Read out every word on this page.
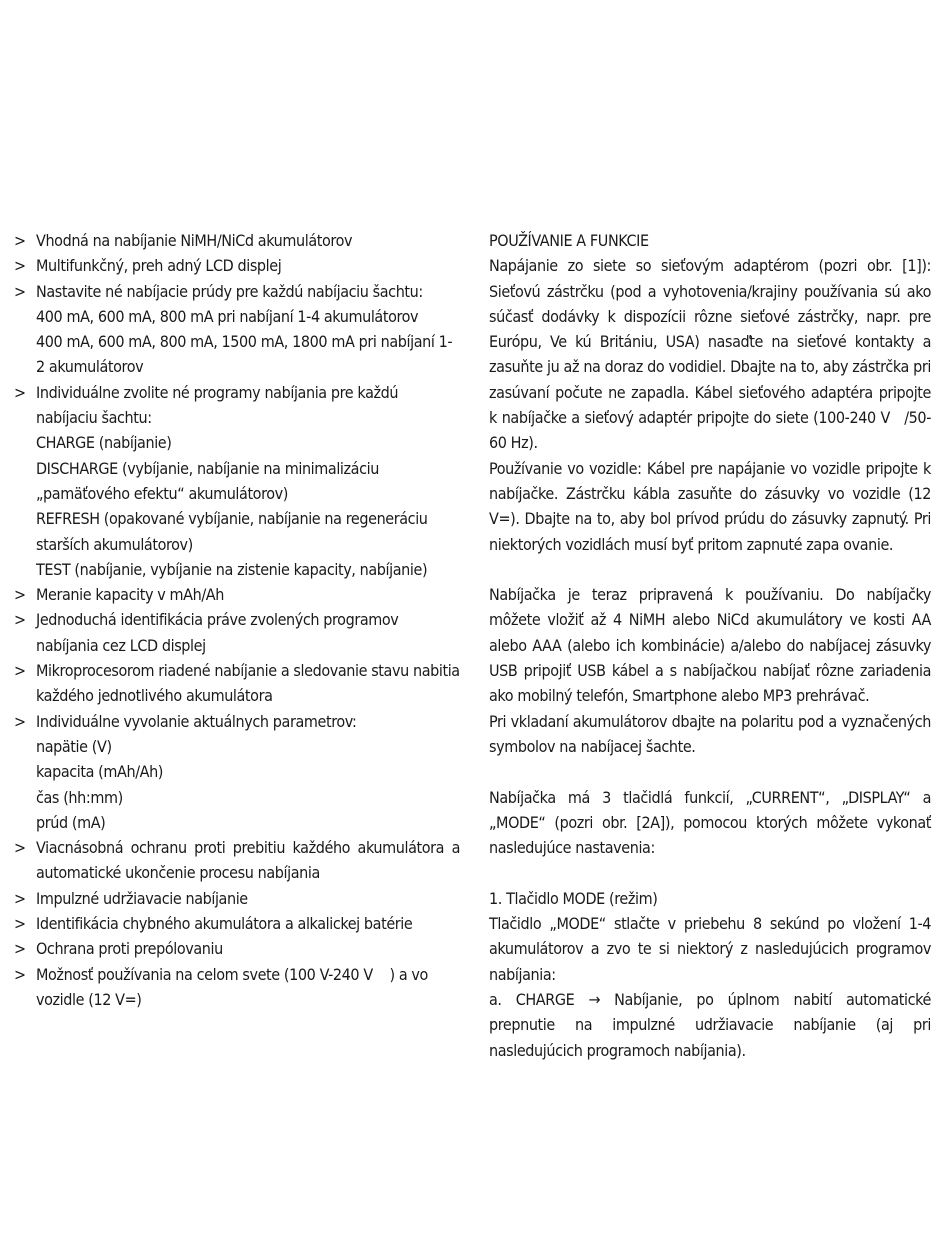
> Vhodná na nabíjanie NiMH/NiCd akumulátorov
> Multifunkčný, preh adný LCD displej
> Nastavite né nabíjacie prúdy pre každú nabíjaciu šachtu:
400 mA, 600 mA, 800 mA pri nabíjaní 1-4 akumulátorov
400 mA, 600 mA, 800 mA, 1500 mA, 1800 mA pri nabíjaní 1-2 akumulátorov
> Individuálne zvolite né programy nabíjania pre každú nabíjaciu šachtu:
CHARGE (nabíjanie)
DISCHARGE (vybíjanie, nabíjanie na minimalizáciu „pamäťového efektu“ akumulátorov)
REFRESH (opakované vybíjanie, nabíjanie na regeneráciu starších akumulátorov)
TEST (nabíjanie, vybíjanie na zistenie kapacity, nabíjanie)
> Meranie kapacity v mAh/Ah
> Jednoduchá identifikácia práve zvolených programov nabíjania cez LCD displej
> Mikroprocesorom riadené nabíjanie a sledovanie stavu nabitia každého jednotlivého akumulátora
> Individuálne vyvolanie aktuálnych parametrov:
napätie (V)
kapacita (mAh/Ah)
čas (hh:mm)
prúd (mA)
> Viacnásobná ochranu proti prebitiu každého akumulátora a automatické ukončenie procesu nabíjania
> Impulzné udržiavacie nabíjanie
> Identifikácia chybného akumulátora a alkalickej batérie
> Ochrana proti prepólovaniu
> Možnosť používania na celom svete (100 V-240 V    ) a vo vozidle (12 V=)
POUŽÍVANIE A FUNKCIE
Napájanie zo siete so sieťovým adaptérom (pozri obr. [1]): Sieťovú zástrčku (pod a vyhotovenia/krajiny používania sú ako súčasť dodávky k dispozícii rôzne sieťové zástrčky, napr. pre Európu, Ve kú Britániu, USA) nasaďte na sieťové kontakty a zasuňte ju až na doraz do vodidiel. Dbajte na to, aby zástrčka pri zasúvaní počute ne zapadla. Kábel sieťového adaptéra pripojte k nabíjačke a sieťový adaptér pripojte do siete (100-240 V   /50-60 Hz).
Používanie vo vozidle: Kábel pre napájanie vo vozidle pripojte k nabíjačke. Zástrčku kábla zasuňte do zásuvky vo vozidle (12 V=). Dbajte na to, aby bol prívod prúdu do zásuvky zapnutý. Pri niektorých vozidlách musí byť pritom zapnuté zapa ovanie.
Nabíjačka je teraz pripravená k používaniu. Do nabíjačky môžete vložiť až 4 NiMH alebo NiCd akumulátory ve kosti AA alebo AAA (alebo ich kombinácie) a/alebo do nabíjacej zásuvky USB pripojiť USB kábel a s nabíjačkou nabíjať rôzne zariadenia ako mobilný telefón, Smartphone alebo MP3 prehrávač.
Pri vkladaní akumulátorov dbajte na polaritu pod a vyznačených symbolov na nabíjacej šachte.
Nabíjačka má 3 tlačidlá funkcií, „CURRENT“, „DISPLAY“ a „MODE“ (pozri obr. [2A]), pomocou ktorých môžete vykonať nasledujúce nastavenia:
1. Tlačidlo MODE (režim)
Tlačidlo „MODE“ stlačte v priebehu 8 sekúnd po vložení 1-4 akumulátorov a zvo te si niektorý z nasledujúcich programov nabíjania:
a. CHARGE → Nabíjanie, po úplnom nabití automatické prepnutie na impulzné udržiavacie nabíjanie (aj pri nasledujúcich programoch nabíjania).
